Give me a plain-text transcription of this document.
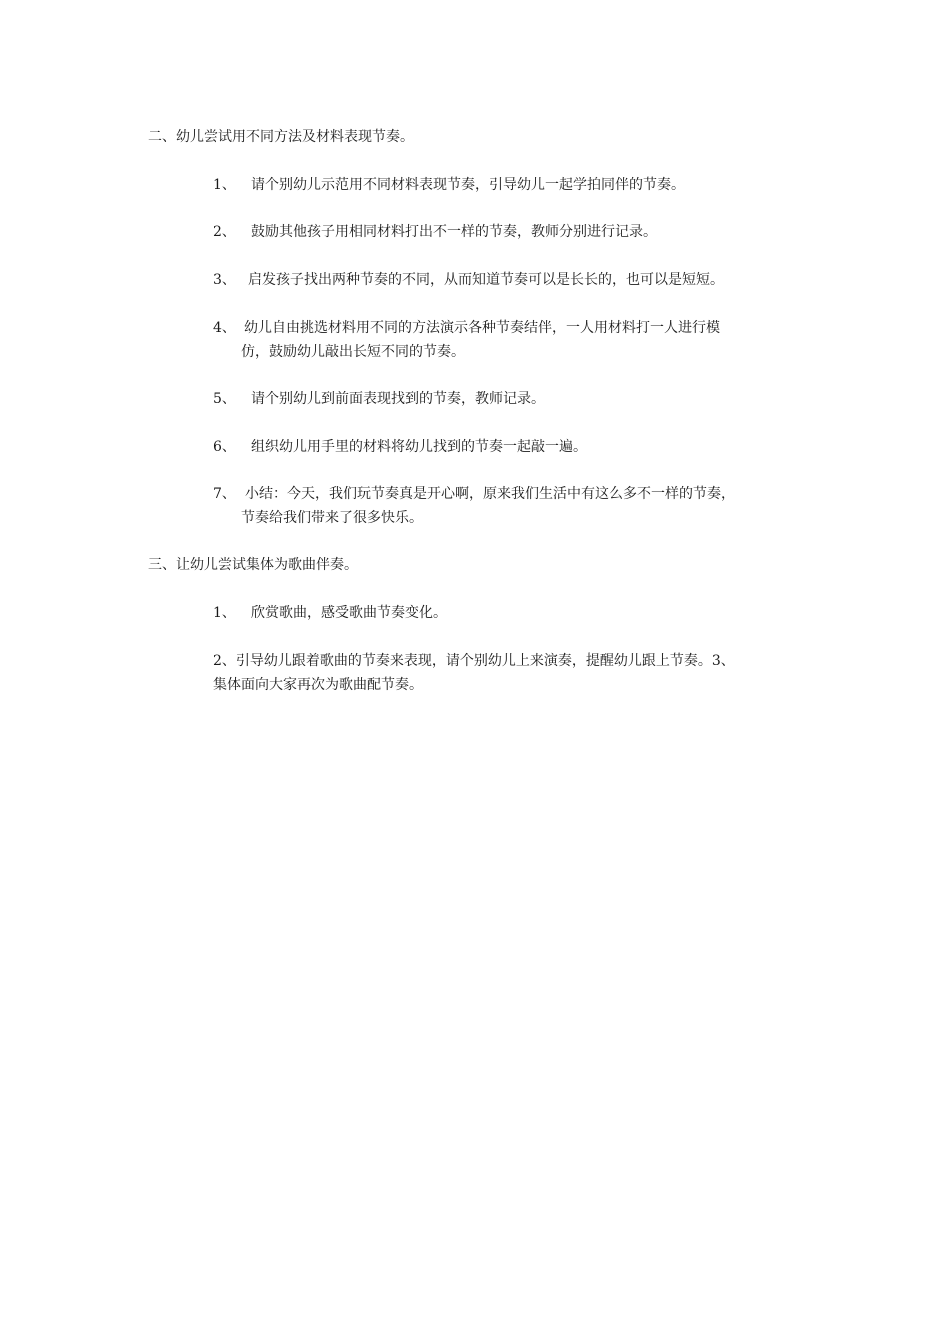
二、幼儿尝试用不同方法及材料表现节奏。
1、 请个别幼儿示范用不同材料表现节奏，引导幼儿一起学拍同伴的节奏。
2、 鼓励其他孩子用相同材料打出不一样的节奏，教师分别进行记录。
3、 启发孩子找出两种节奏的不同，从而知道节奏可以是长长的，也可以是短短。
4、 幼儿自由挑选材料用不同的方法演示各种节奏结伴，一人用材料打一人进行模
仿，鼓励幼儿敲出长短不同的节奏。
5、 请个别幼儿到前面表现找到的节奏，教师记录。
6、 组织幼儿用手里的材料将幼儿找到的节奏一起敲一遍。
7、 小结：今天，我们玩节奏真是开心啊，原来我们生活中有这么多不一样的节奏，
节奏给我们带来了很多快乐。
三、让幼儿尝试集体为歌曲伴奏。
1、 欣赏歌曲，感受歌曲节奏变化。
2、引导幼儿跟着歌曲的节奏来表现，请个别幼儿上来演奏，提醒幼儿跟上节奏。3、
集体面向大家再次为歌曲配节奏。
